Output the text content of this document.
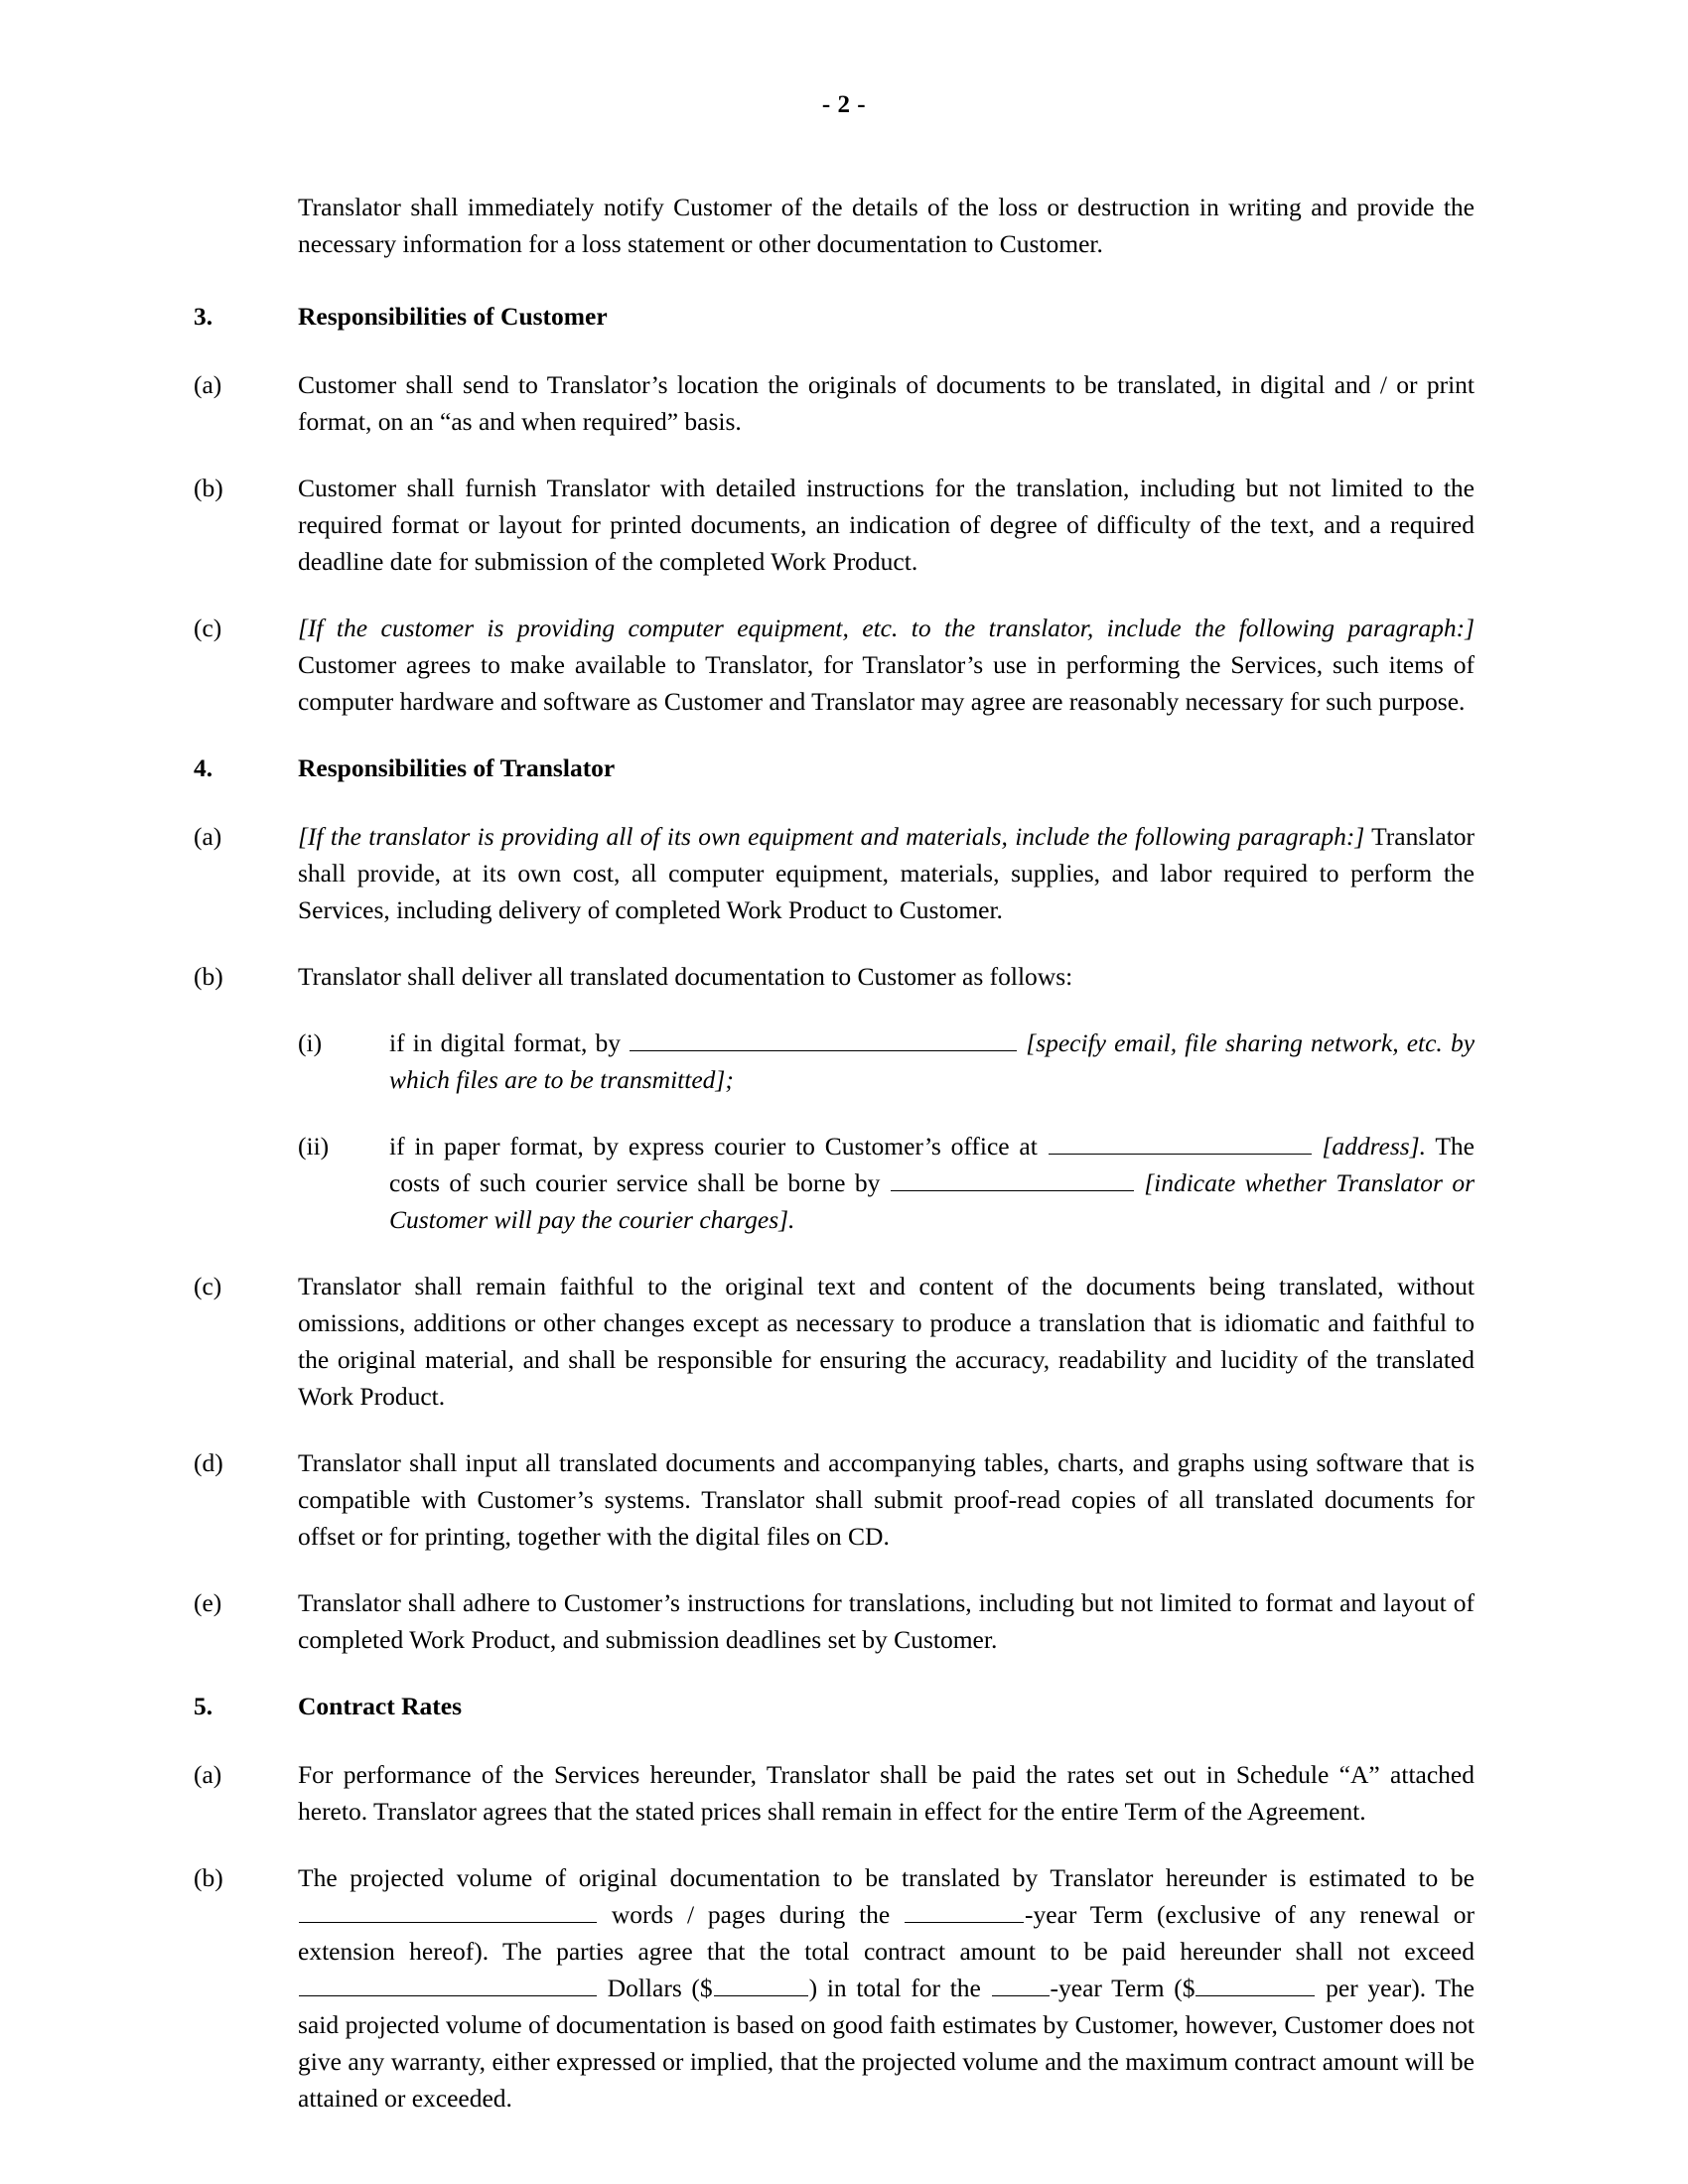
- 2 -
Translator shall immediately notify Customer of the details of the loss or destruction in writing and provide the necessary information for a loss statement or other documentation to Customer.
3.	Responsibilities of Customer
(a)	Customer shall send to Translator’s location the originals of documents to be translated, in digital and / or print format, on an “as and when required” basis.
(b)	Customer shall furnish Translator with detailed instructions for the translation, including but not limited to the required format or layout for printed documents, an indication of degree of difficulty of the text, and a required deadline date for submission of the completed Work Product.
(c)	[If the customer is providing computer equipment, etc. to the translator, include the following paragraph:] Customer agrees to make available to Translator, for Translator’s use in performing the Services, such items of computer hardware and software as Customer and Translator may agree are reasonably necessary for such purpose.
4.	Responsibilities of Translator
(a)	[If the translator is providing all of its own equipment and materials, include the following paragraph:] Translator shall provide, at its own cost, all computer equipment, materials, supplies, and labor required to perform the Services, including delivery of completed Work Product to Customer.
(b)	Translator shall deliver all translated documentation to Customer as follows:
(i)	if in digital format, by	[specify email, file sharing network, etc. by which files are to be transmitted];
(ii)	if in paper format, by express courier to Customer’s office at	[address]. The costs of such courier service shall be borne by	[indicate whether Translator or Customer will pay the courier charges].
(c)	Translator shall remain faithful to the original text and content of the documents being translated, without omissions, additions or other changes except as necessary to produce a translation that is idiomatic and faithful to the original material, and shall be responsible for ensuring the accuracy, readability and lucidity of the translated Work Product.
(d)	Translator shall input all translated documents and accompanying tables, charts, and graphs using software that is compatible with Customer’s systems. Translator shall submit proof-read copies of all translated documents for offset or for printing, together with the digital files on CD.
(e)	Translator shall adhere to Customer’s instructions for translations, including but not limited to format and layout of completed Work Product, and submission deadlines set by Customer.
5.	Contract Rates
(a)	For performance of the Services hereunder, Translator shall be paid the rates set out in Schedule “A” attached hereto. Translator agrees that the stated prices shall remain in effect for the entire Term of the Agreement.
(b)	The projected volume of original documentation to be translated by Translator hereunder is estimated to be  words / pages during the	-year Term (exclusive of any renewal or extension hereof). The parties agree that the total contract amount to be paid hereunder shall not exceed  Dollars ($	) in total for the	-year Term ($	per year). The said projected volume of documentation is based on good faith estimates by Customer, however, Customer does not give any warranty, either expressed or implied, that the projected volume and the maximum contract amount will be attained or exceeded.
